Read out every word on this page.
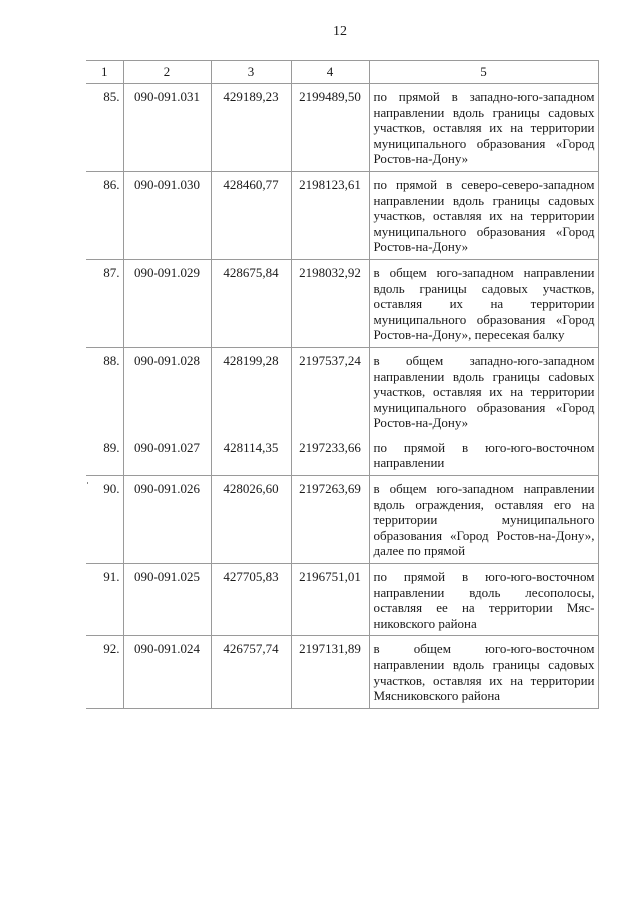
12
1	2	3	4	5
85.	090-091.031	429189,23	2199489,50	по прямой в западно-юго-западном направлении вдоль границы садовых участков, оставляя их на территории муниципального образования «Город Ростов-на-Дону»
86.	090-091.030	428460,77	2198123,61	по прямой в северо-северо-западном направлении вдоль границы садовых участков, оставляя их на территории муниципального образования «Город Ростов-на-Дону»
87.	090-091.029	428675,84	2198032,92	в общем юго-западном направлении вдоль границы садовых участков, оставляя их на территории муниципального образования «Город Ростов-на-Дону», пересекая балку
88.	090-091.028	428199,28	2197537,24	в общем западно-юго-западном направлении вдоль границы саdовых участков, оставляя их на территории муниципального образования «Город Ростов-на-Дону»
89.	090-091.027	428114,35	2197233,66	по прямой в юго-юго-восточном направлении
90.	090-091.026	428026,60	2197263,69	в общем юго-западном направлении вдоль ограждения, оставляя его на территории муниципального образования «Город Ростов-на-Дону», далее по прямой
91.	090-091.025	427705,83	2196751,01	по прямой в юго-юго-восточном направлении вдоль лесополосы, оставляя ее на территории Мясниковского района
92.	090-091.024	426757,74	2197131,89	в общем юго-юго-восточном направлении вдоль границы садовых участков, оставляя их на территории Мясниковского района
